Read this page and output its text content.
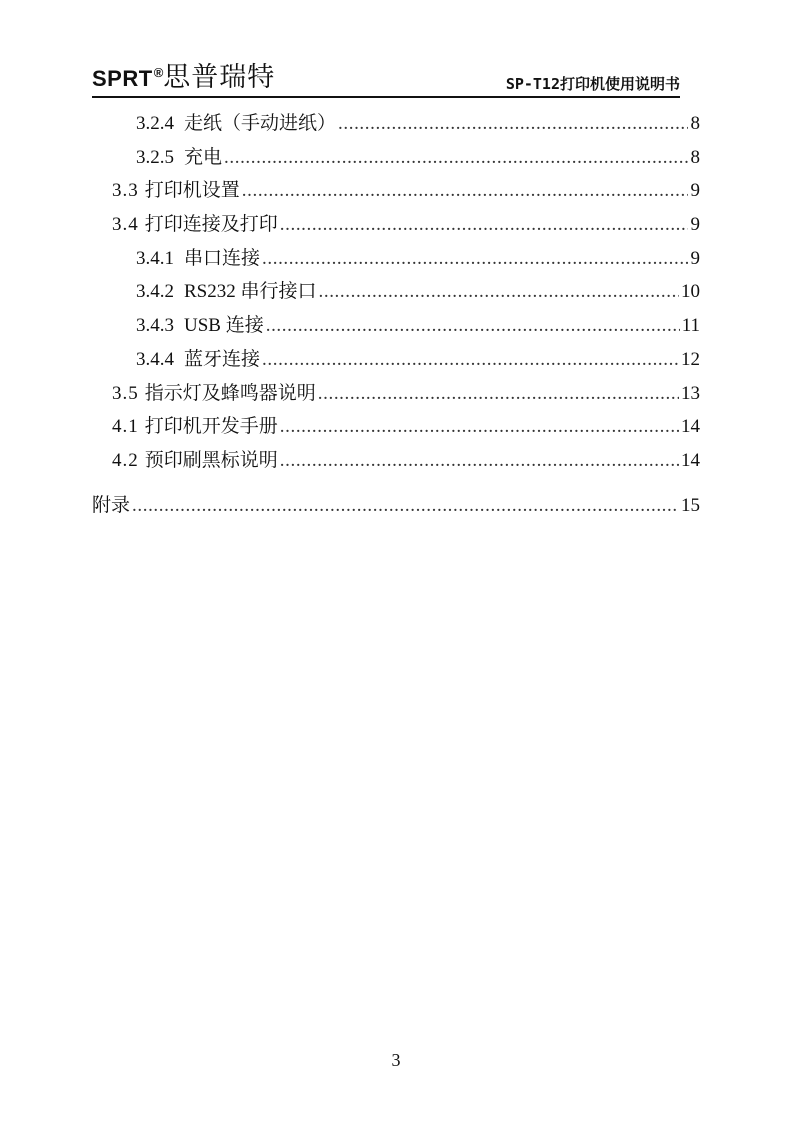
SPRT®思普瑞特	SP-T12打印机使用说明书
3.2.4 走纸（手动进纸） .....	8
3.2.5 充电 .....	8
3.3 打印机设置 .....	9
3.4 打印连接及打印 .....	9
3.4.1 串口连接 .....	9
3.4.2 RS232 串行接口 .....	10
3.4.3 USB 连接 .....	11
3.4.4 蓝牙连接 .....	12
3.5 指示灯及蜂鸣器说明 .....	13
4.1 打印机开发手册 .....	14
4.2 预印刷黑标说明 .....	14
附录 .....	15
3
